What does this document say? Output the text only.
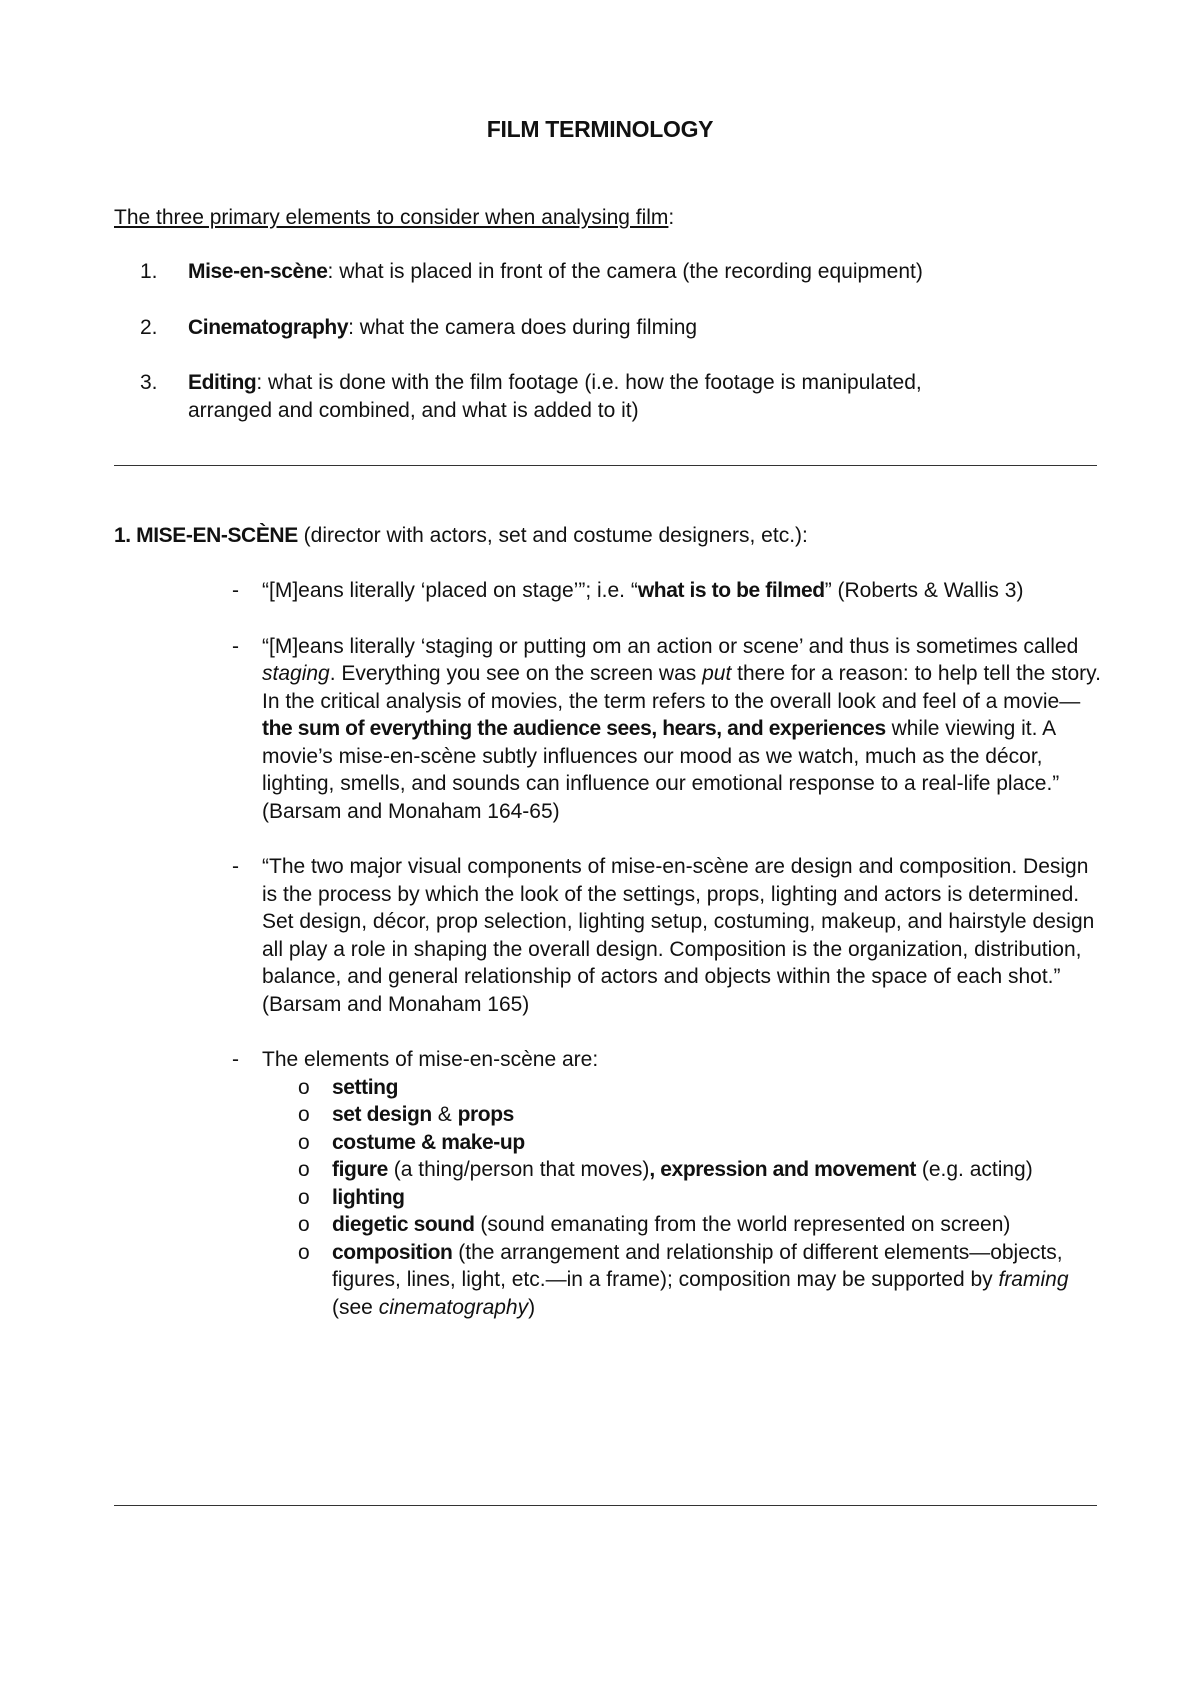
FILM TERMINOLOGY
The three primary elements to consider when analysing film:
1.	Mise-en-scène: what is placed in front of the camera (the recording equipment)
2.	Cinematography: what the camera does during filming
3.	Editing: what is done with the film footage (i.e. how the footage is manipulated, arranged and combined, and what is added to it)
1. MISE-EN-SCÈNE (director with actors, set and costume designers, etc.):
- “[M]eans literally ‘placed on stage’”; i.e. “what is to be filmed” (Roberts & Wallis 3)
- “[M]eans literally ‘staging or putting om an action or scene’ and thus is sometimes called staging. Everything you see on the screen was put there for a reason: to help tell the story. In the critical analysis of movies, the term refers to the overall look and feel of a movie—the sum of everything the audience sees, hears, and experiences while viewing it. A movie’s mise-en-scène subtly influences our mood as we watch, much as the décor, lighting, smells, and sounds can influence our emotional response to a real-life place.” (Barsam and Monaham 164-65)
- “The two major visual components of mise-en-scène are design and composition. Design is the process by which the look of the settings, props, lighting and actors is determined. Set design, décor, prop selection, lighting setup, costuming, makeup, and hairstyle design all play a role in shaping the overall design. Composition is the organization, distribution, balance, and general relationship of actors and objects within the space of each shot.” (Barsam and Monaham 165)
- The elements of mise-en-scène are:
o setting
o set design & props
o costume & make-up
o figure (a thing/person that moves), expression and movement (e.g. acting)
o lighting
o diegetic sound (sound emanating from the world represented on screen)
o composition (the arrangement and relationship of different elements—objects, figures, lines, light, etc.—in a frame); composition may be supported by framing (see cinematography)
